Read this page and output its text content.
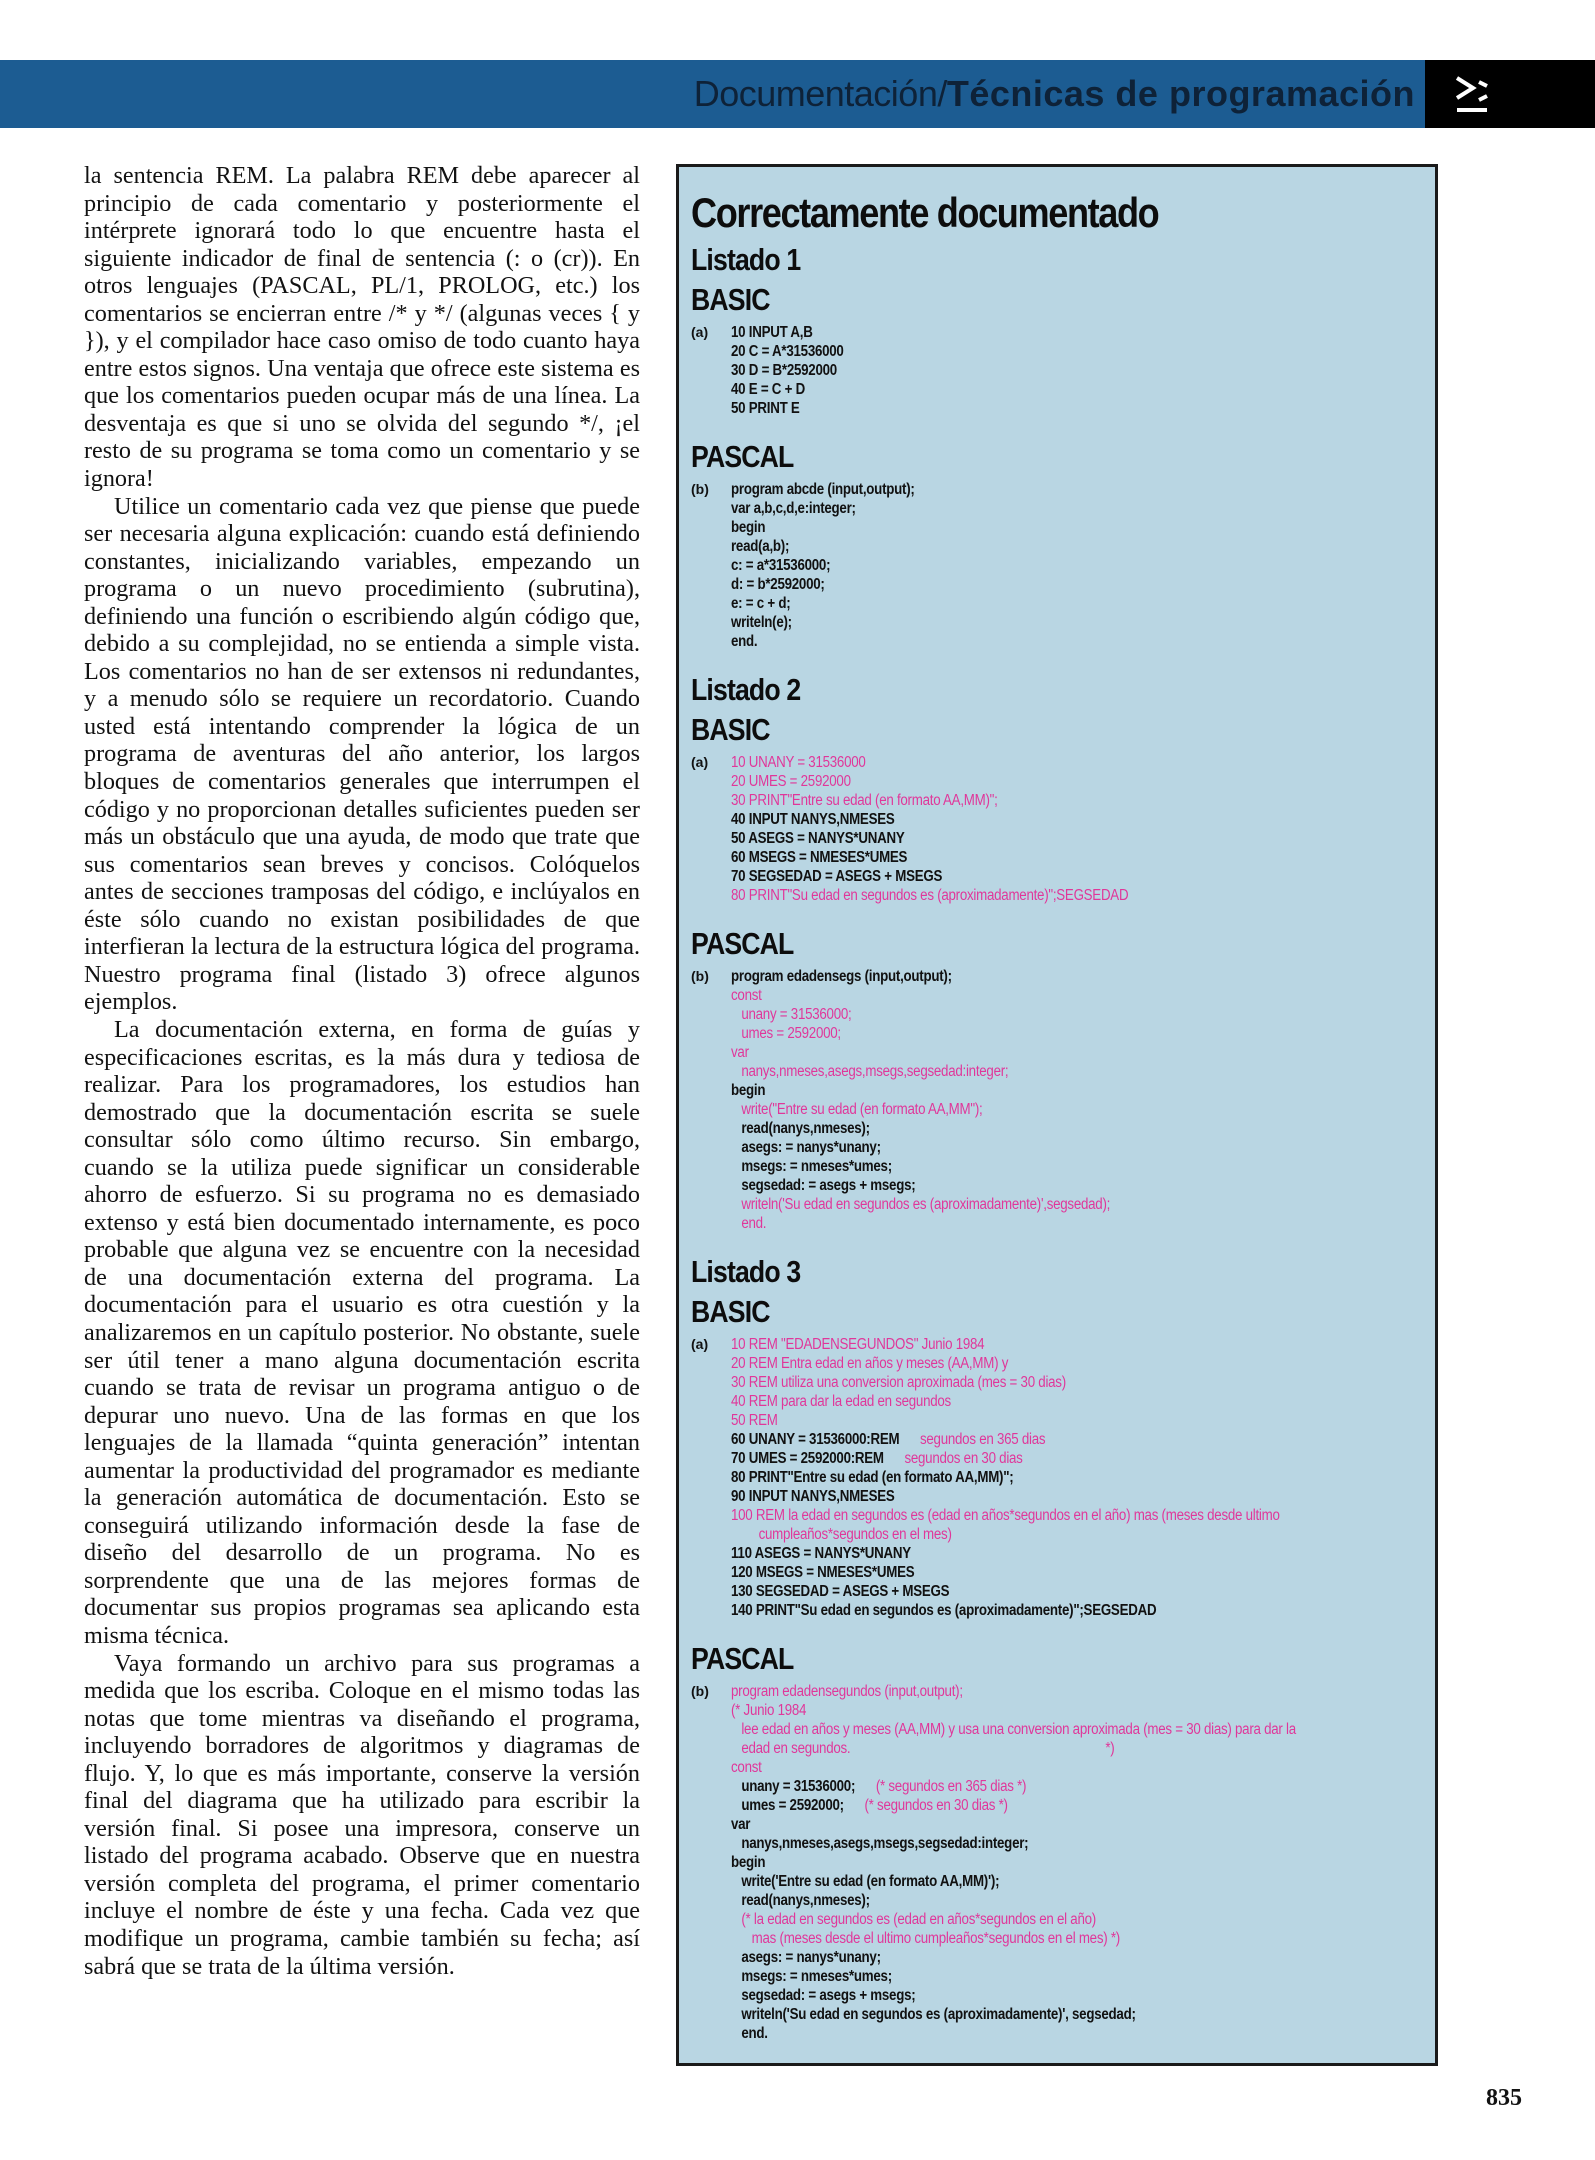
Documentación/Técnicas de programación

la sentencia REM. La palabra REM debe aparecer al principio de cada comentario y posteriormente el intérprete ignorará todo lo que encuentre hasta el siguiente indicador de final de sentencia (: o (cr)). En otros lenguajes (PASCAL, PL/1, PROLOG, etc.) los comentarios se encierran entre /* y */ (algunas veces { y }), y el compilador hace caso omiso de todo cuanto haya entre estos signos. Una ventaja que ofrece este sistema es que los comentarios pueden ocupar más de una línea. La desventaja es que si uno se olvida del segundo */, ¡el resto de su programa se toma como un comentario y se ignora!

Utilice un comentario cada vez que piense que puede ser necesaria alguna explicación: cuando está definiendo constantes, inicializando variables, empezando un programa o un nuevo procedimiento (subrutina), definiendo una función o escribiendo algún código que, debido a su complejidad, no se entienda a simple vista. Los comentarios no han de ser extensos ni redundantes, y a menudo sólo se requiere un recordatorio. Cuando usted está intentando comprender la lógica de un programa de aventuras del año anterior, los largos bloques de comentarios generales que interrumpen el código y no proporcionan detalles suficientes pueden ser más un obstáculo que una ayuda, de modo que trate que sus comentarios sean breves y concisos. Colóquelos antes de secciones tramposas del código, e inclúyalos en éste sólo cuando no existan posibilidades de que interfieran la lectura de la estructura lógica del programa. Nuestro programa final (listado 3) ofrece algunos ejemplos.

La documentación externa, en forma de guías y especificaciones escritas, es la más dura y tediosa de realizar. Para los programadores, los estudios han demostrado que la documentación escrita se suele consultar sólo como último recurso. Sin embargo, cuando se la utiliza puede significar un considerable ahorro de esfuerzo. Si su programa no es demasiado extenso y está bien documentado internamente, es poco probable que alguna vez se encuentre con la necesidad de una documentación externa del programa. La documentación para el usuario es otra cuestión y la analizaremos en un capítulo posterior. No obstante, suele ser útil tener a mano alguna documentación escrita cuando se trata de revisar un programa antiguo o de depurar uno nuevo. Una de las formas en que los lenguajes de la llamada “quinta generación” intentan aumentar la productividad del programador es mediante la generación automática de documentación. Esto se conseguirá utilizando información desde la fase de diseño del desarrollo de un programa. No es sorprendente que una de las mejores formas de documentar sus propios programas sea aplicando esta misma técnica.

Vaya formando un archivo para sus programas a medida que los escriba. Coloque en el mismo todas las notas que tome mientras va diseñando el programa, incluyendo borradores de algoritmos y diagramas de flujo. Y, lo que es más importante, conserve la versión final del diagrama que ha utilizado para escribir la versión final. Si posee una impresora, conserve un listado del programa acabado. Observe que en nuestra versión completa del programa, el primer comentario incluye el nombre de éste y una fecha. Cada vez que modifique un programa, cambie también su fecha; así sabrá que se trata de la última versión.

Correctamente documentado
Listado 1
BASIC
(a)	10 INPUT A,B
20 C = A*31536000
30 D = B*2592000
40 E = C + D
50 PRINT E
PASCAL
(b)	program abcde (input,output);
var a,b,c,d,e:integer;
begin
read(a,b);
c: = a*31536000;
d: = b*2592000;
e: = c + d;
writeln(e);
end.
Listado 2
BASIC
(a)	10 UNANY = 31536000
20 UMES = 2592000
30 PRINT"Entre su edad (en formato AA,MM)";
40 INPUT NANYS,NMESES
50 ASEGS = NANYS*UNANY
60 MSEGS = NMESES*UMES
70 SEGSEDAD = ASEGS + MSEGS
80 PRINT"Su edad en segundos es (aproximadamente)";SEGSEDAD
PASCAL
(b)	program edadensegs (input,output);
const
unany = 31536000;
umes = 2592000;
var
nanys,nmeses,asegs,msegs,segsedad:integer;
begin
write("Entre su edad (en formato AA,MM");
read(nanys,nmeses);
asegs: = nanys*unany;
msegs: = nmeses*umes;
segsedad: = asegs + msegs;
writeln('Su edad en segundos es (aproximadamente)',segsedad);
end.
Listado 3
BASIC
(a)	10 REM "EDADENSEGUNDOS" Junio 1984
20 REM Entra edad en años y meses (AA,MM) y
30 REM utiliza una conversion aproximada (mes = 30 dias)
40 REM para dar la edad en segundos
50 REM
60 UNANY = 31536000:REM segundos en 365 dias
70 UMES = 2592000:REM segundos en 30 dias
80 PRINT"Entre su edad (en formato AA,MM)";
90 INPUT NANYS,NMESES
100 REM la edad en segundos es (edad en años*segundos en el año) mas (meses desde ultimo
cumpleaños*segundos en el mes)
110 ASEGS = NANYS*UNANY
120 MSEGS = NMESES*UMES
130 SEGSEDAD = ASEGS + MSEGS
140 PRINT"Su edad en segundos es (aproximadamente)";SEGSEDAD
PASCAL
(b)	program edadensegundos (input,output);
(* Junio 1984
lee edad en años y meses (AA,MM) y usa una conversion aproximada (mes = 30 dias) para dar la
edad en segundos.                                                                          *)
const
unany = 31536000; (* segundos en 365 dias *)
umes = 2592000; (* segundos en 30 dias *)
var
nanys,nmeses,asegs,msegs,segsedad:integer;
begin
write('Entre su edad (en formato AA,MM)');
read(nanys,nmeses);
(* la edad en segundos es (edad en años*segundos en el año)
mas (meses desde el ultimo cumpleaños*segundos en el mes) *)
asegs: = nanys*unany;
msegs: = nmeses*umes;
segsedad: = asegs + msegs;
writeln('Su edad en segundos es (aproximadamente)', segsedad;
end.
835
